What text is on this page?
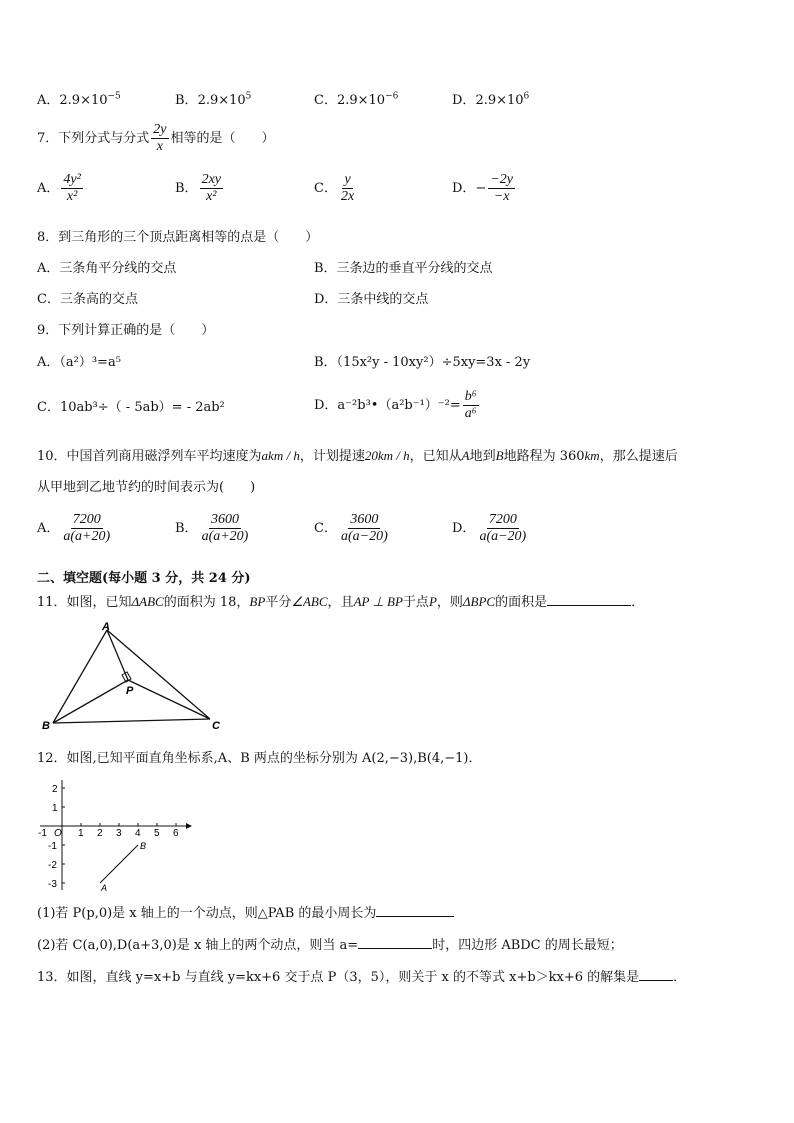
A．$2.9\times 10^{-5}$	B．$2.9\times 10^5$	C．$2.9\times 10^{-6}$	D．$2.9\times 10^6$
7．下列分式与分式 $\frac{2y}{x}$ 相等的是（　　）
A． $\frac{\text{4y²}}{\text{x²}}$	B． $\frac{2xy}{\text{x²}}$	C． $\frac{y}{2x}$	D．− $\frac{-2y}{-x}$
8．到三角形的三个顶点距离相等的点是（　　）
A．三条角平分线的交点	B．三条边的垂直平分线的交点
C．三条高的交点	D．三条中线的交点
9．下列计算正确的是（　　）
A．（a²）³=a⁵	B．（15x²y - 10xy²）÷5xy=3x - 2y
C．10ab³÷（ - 5ab）= - 2ab²	D．a⁻²b³•（a²b⁻¹）⁻²= $\frac{\text{b⁶}}{\text{a⁶}}$
10．中国首列商用磁浮列车平均速度为akm / h，计划提速20km / h，已知从A地到B地路程为 360km，那么提速后
从甲地到乙地节约的时间表示为(　　)
A． $\frac{7200}{a(a+20)}$	B． $\frac{3600}{a(a+20)}$	C． $\frac{3600}{a(a-20)}$	D． $\frac{7200}{a(a-20)}$
二、填空题(每小题 3 分，共 24 分)
11．如图，已知ΔABC的面积为 18，BP平分∠ABC，且AP ⊥ BP于点P，则ΔBPC的面积是	．
A
B	C
P
12．如图,已知平面直角坐标系,A、B 两点的坐标分别为 A(2,−3),B(4,−1)．
-1	1 2 3 4 5 6
2
1
-1
-2
-3
O
A
B
(1)若 P(p,0)是 x 轴上的一个动点，则△PAB 的最小周长为
(2)若 C(a,0),D(a+3,0)是 x 轴上的两个动点，则当 a=	时，四边形 ABDC 的周长最短；
13．如图，直线 y=x+b 与直线 y=kx+6 交于点 P（3，5），则关于 x 的不等式 x+b＞kx+6 的解集是	．
